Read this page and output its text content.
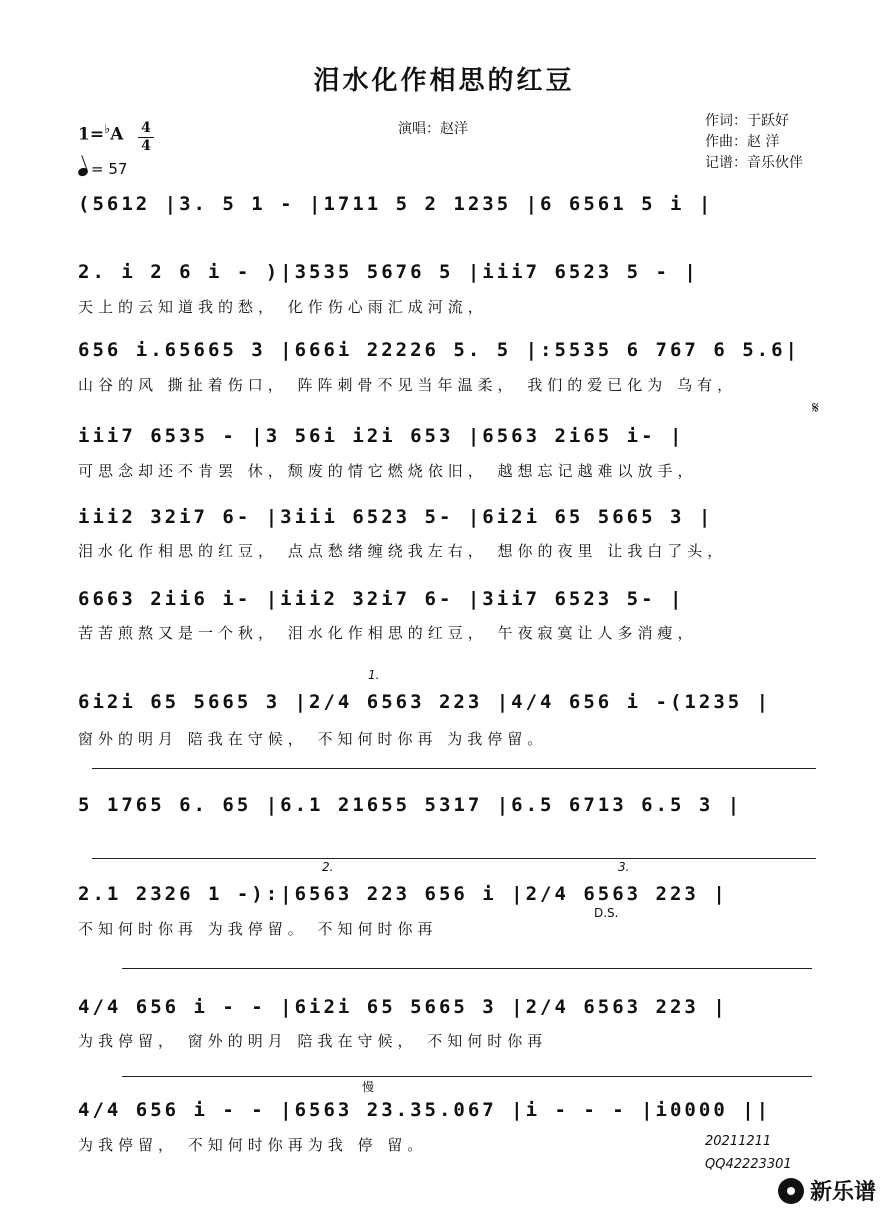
泪水化作相思的红豆
演唱：赵洋	作词：于跃好
作曲：赵 洋
记谱：音乐伙伴
1=♭A 4
4
= 57
(5612 |3. 5 1 - |1711 5 2 1235 |6 6561 5 i |
2. i 2 6 i - )|3535 5676 5 |iii7 6523 5 - |
天上的云知道我的愁， 化作伤心雨汇成河流，
656 i.65665 3 |666i 22226 5. 5 |:5535 6 767 6 5.6|
山谷的风 撕扯着伤口， 阵阵刺骨不见当年温柔， 我们的爱已化为 乌有，
iii7 6535 - |3 56i i2i 653 |6563 2i65 i- |
可思念却还不肯罢 休，颓废的情它燃烧依旧， 越想忘记越难以放手，
iii2 32i7 6- |3iii 6523 5- |6i2i 65 5665 3 |
泪水化作相思的红豆， 点点愁绪缠绕我左右， 想你的夜里 让我白了头，
6663 2ii6 i- |iii2 32i7 6- |3ii7 6523 5- |
苦苦煎熬又是一个秋， 泪水化作相思的红豆， 午夜寂寞让人多消瘦，
6i2i 65 5665 3 |2/4 6563 223 |4/4 656 i -(1235 |
窗外的明月 陪我在守候， 不知何时你再 为我停留。
5 1765 6. 65 |6.1 21655 5317 |6.5 6713 6.5 3 |
2.1 2326 1 -):|6563 223 656 i |2/4 6563 223 |
不知何时你再 为我停留。 不知何时你再
4/4 656 i - - |6i2i 65 5665 3 |2/4 6563 223 |
为我停留， 窗外的明月 陪我在守候， 不知何时你再
4/4 656 i - - |6563 23.35.067 |i - - - |i0000 ||
为我停留， 不知何时你再为我 停 留。
1.
2.	3.
D.S.
𝄋
慢
20211211
QQ42223301
新乐谱
